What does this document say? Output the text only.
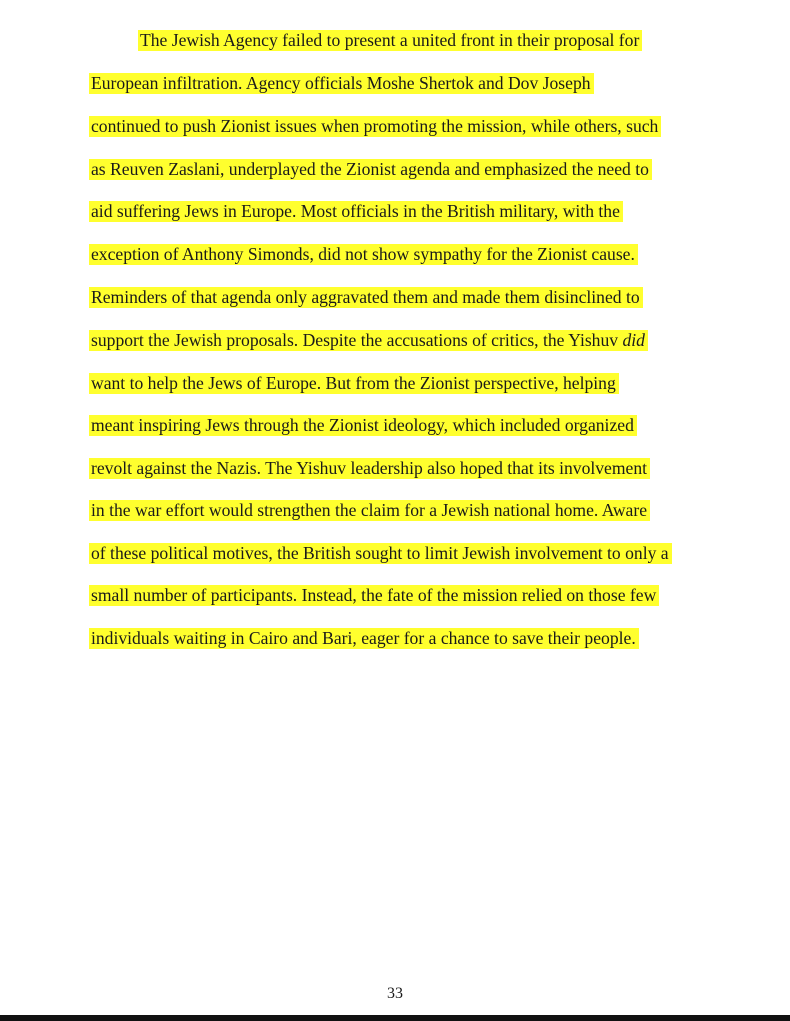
The Jewish Agency failed to present a united front in their proposal for
European infiltration. Agency officials Moshe Shertok and Dov Joseph
continued to push Zionist issues when promoting the mission, while others, such
as Reuven Zaslani, underplayed the Zionist agenda and emphasized the need to
aid suffering Jews in Europe. Most officials in the British military, with the
exception of Anthony Simonds, did not show sympathy for the Zionist cause.
Reminders of that agenda only aggravated them and made them disinclined to
support the Jewish proposals. Despite the accusations of critics, the Yishuv did
want to help the Jews of Europe. But from the Zionist perspective, helping
meant inspiring Jews through the Zionist ideology, which included organized
revolt against the Nazis. The Yishuv leadership also hoped that its involvement
in the war effort would strengthen the claim for a Jewish national home. Aware
of these political motives, the British sought to limit Jewish involvement to only a
small number of participants. Instead, the fate of the mission relied on those few
individuals waiting in Cairo and Bari, eager for a chance to save their people.
33
